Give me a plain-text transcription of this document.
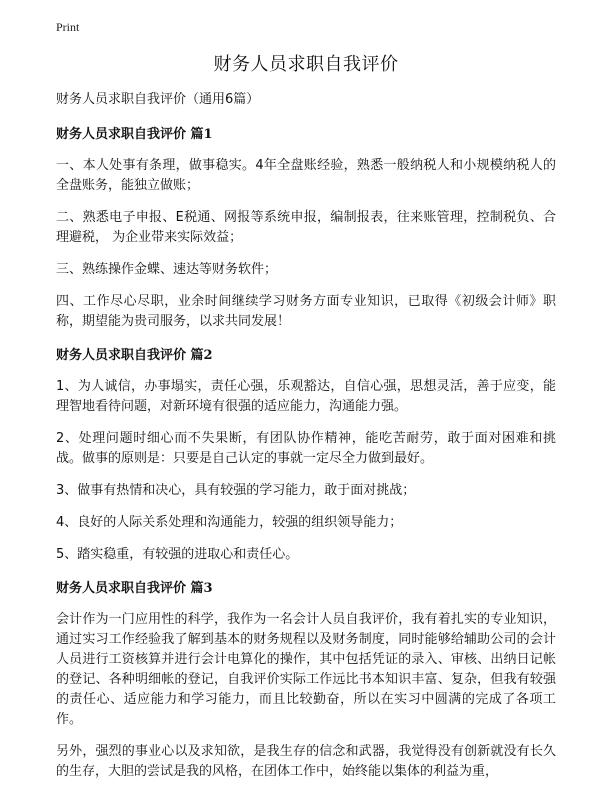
Print
财务人员求职自我评价

财务人员求职自我评价（通用6篇）

财务人员求职自我评价 篇1

一、本人处事有条理，做事稳实。4年全盘账经验，熟悉一般纳税人和小规模纳税人的全盘账务，能独立做账；

二、熟悉电子申报、E税通、网报等系统申报，编制报表，往来账管理，控制税负、合理避税， 为企业带来实际效益；

三、熟练操作金蝶、速达等财务软件；

四、工作尽心尽职，业余时间继续学习财务方面专业知识，已取得《初级会计师》职称，期望能为贵司服务，以求共同发展！

财务人员求职自我评价 篇2

1、为人诚信，办事塌实，责任心强，乐观豁达，自信心强，思想灵活，善于应变，能理智地看待问题，对新环境有很强的适应能力，沟通能力强。

2、处理问题时细心而不失果断，有团队协作精神，能吃苦耐劳，敢于面对困难和挑战。做事的原则是：只要是自己认定的事就一定尽全力做到最好。

3、做事有热情和决心，具有较强的学习能力，敢于面对挑战；

4、良好的人际关系处理和沟通能力，较强的组织领导能力；

5、踏实稳重，有较强的进取心和责任心。

财务人员求职自我评价 篇3

会计作为一门应用性的科学，我作为一名会计人员自我评价，我有着扎实的专业知识，通过实习工作经验我了解到基本的财务规程以及财务制度，同时能够给辅助公司的会计人员进行工资核算并进行会计电算化的操作，其中包括凭证的录入、审核、出纳日记帐的登记、各种明细帐的登记，自我评价实际工作远比书本知识丰富、复杂，但我有较强的责任心、适应能力和学习能力，而且比较勤奋，所以在实习中圆满的完成了各项工作。

另外，强烈的事业心以及求知欲，是我生存的信念和武器，我觉得没有创新就没有长久的生存，大胆的尝试是我的风格，在团体工作中，始终能以集体的利益为重，
